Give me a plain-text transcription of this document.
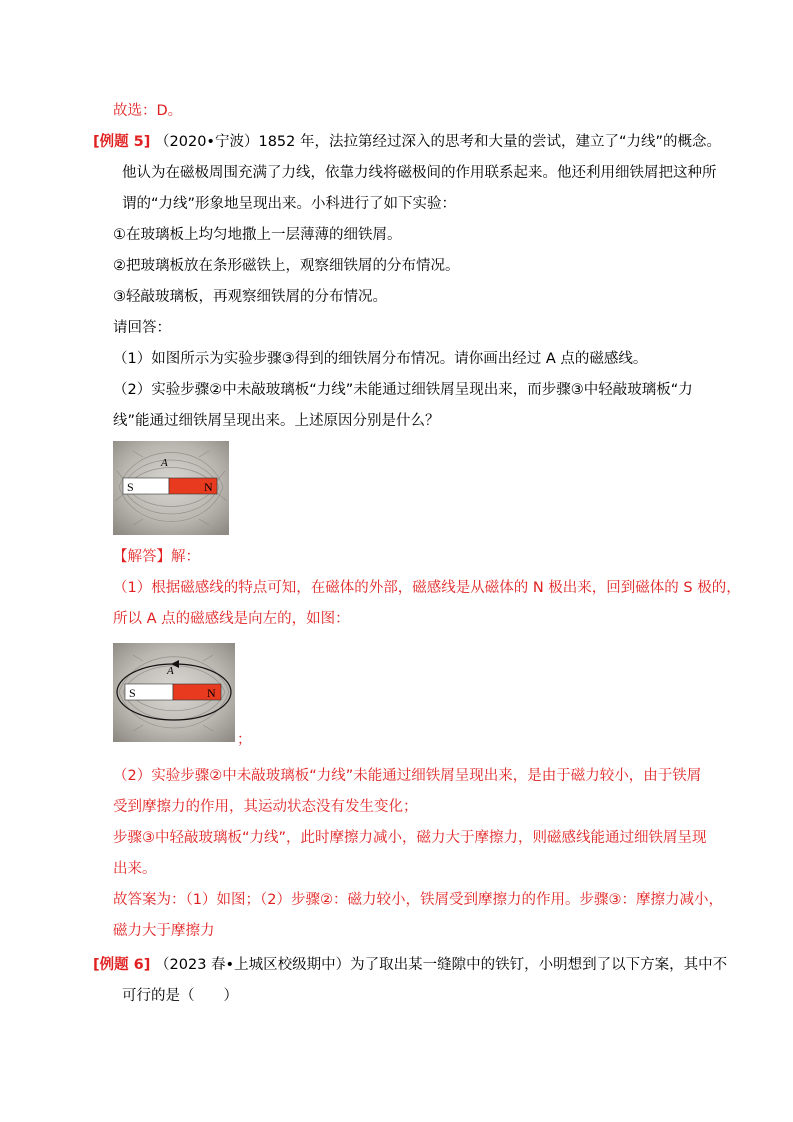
故选：D。
[例题 5] （2020•宁波）1852 年，法拉第经过深入的思考和大量的尝试，建立了“力线”的概念。
他认为在磁极周围充满了力线，依靠力线将磁极间的作用联系起来。他还利用细铁屑把这种所
谓的“力线”形象地呈现出来。小科进行了如下实验：
①在玻璃板上均匀地撒上一层薄薄的细铁屑。
②把玻璃板放在条形磁铁上，观察细铁屑的分布情况。
③轻敲玻璃板，再观察细铁屑的分布情况。
请回答：
（1）如图所示为实验步骤③得到的细铁屑分布情况。请你画出经过 A 点的磁感线。
（2）实验步骤②中未敲玻璃板“力线”未能通过细铁屑呈现出来，而步骤③中轻敲玻璃板“力
线”能通过细铁屑呈现出来。上述原因分别是什么？
S	N
A
【解答】解：
（1）根据磁感线的特点可知，在磁体的外部，磁感线是从磁体的 N 极出来，回到磁体的 S 极的，
所以 A 点的磁感线是向左的，如图：
S	N
A
；
（2）实验步骤②中未敲玻璃板“力线”未能通过细铁屑呈现出来，是由于磁力较小，由于铁屑
受到摩擦力的作用，其运动状态没有发生变化；
步骤③中轻敲玻璃板“力线”，此时摩擦力减小，磁力大于摩擦力，则磁感线能通过细铁屑呈现
出来。
故答案为：（1）如图；（2）步骤②：磁力较小，铁屑受到摩擦力的作用。步骤③：摩擦力减小，
磁力大于摩擦力
[例题 6] （2023 春•上城区校级期中）为了取出某一缝隙中的铁钉，小明想到了以下方案，其中不
可行的是（　　）
